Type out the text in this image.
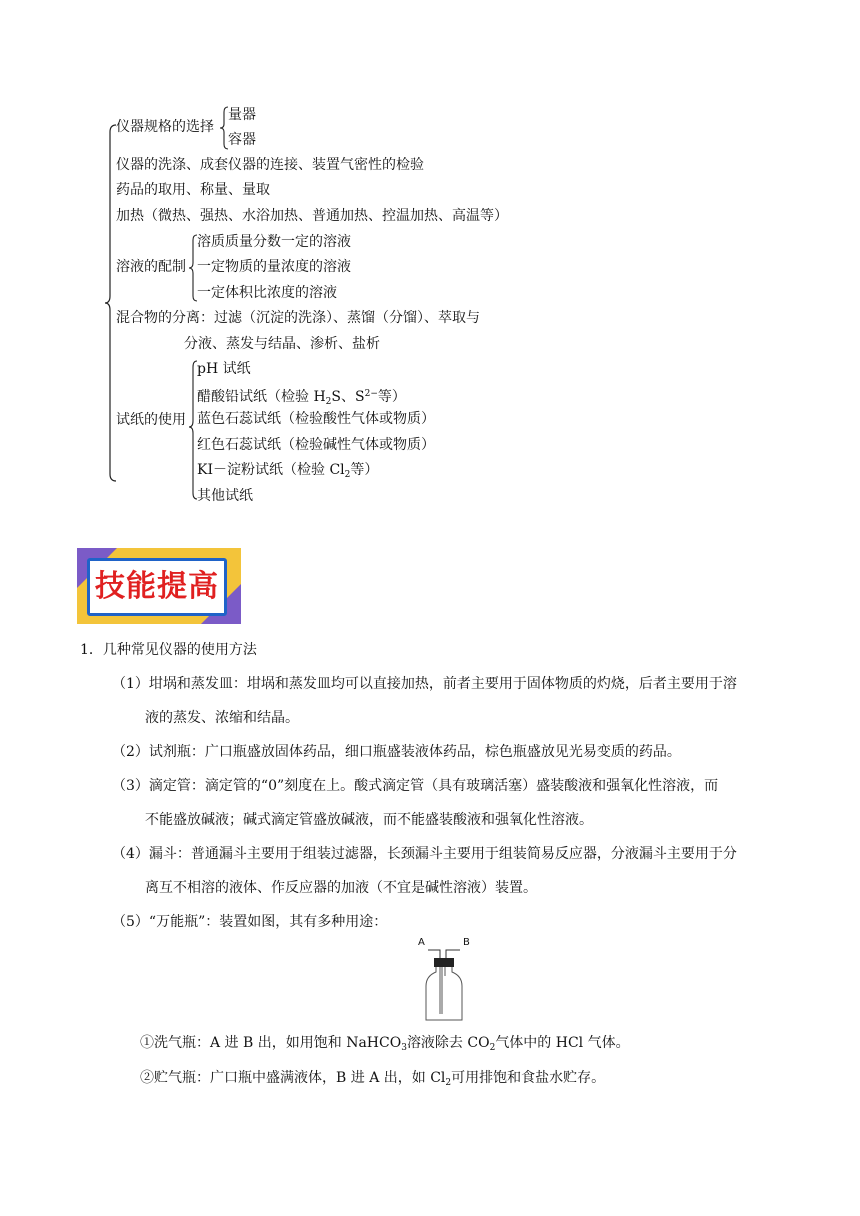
仪器规格的选择
量器
容器
仪器的洗涤、成套仪器的连接、装置气密性的检验
药品的取用、称量、量取
加热（微热、强热、水浴加热、普通加热、控温加热、高温等）
溶液的配制
溶质质量分数一定的溶液
一定物质的量浓度的溶液
一定体积比浓度的溶液
混合物的分离：过滤（沉淀的洗涤）、蒸馏（分馏）、萃取与
分液、蒸发与结晶、渗析、盐析
试纸的使用
pH 试纸
醋酸铅试纸（检验 $H_2S$、$S^{2-}$等）
蓝色石蕊试纸（检验酸性气体或物质）
红色石蕊试纸（检验碱性气体或物质）
KI－淀粉试纸（检验 $Cl_2$等）
其他试纸
技能提高
1．几种常见仪器的使用方法
（1）坩埚和蒸发皿：坩埚和蒸发皿均可以直接加热，前者主要用于固体物质的灼烧，后者主要用于溶
液的蒸发、浓缩和结晶。
（2）试剂瓶：广口瓶盛放固体药品，细口瓶盛装液体药品，棕色瓶盛放见光易变质的药品。
（3）滴定管：滴定管的“0”刻度在上。酸式滴定管（具有玻璃活塞）盛装酸液和强氧化性溶液，而
不能盛放碱液；碱式滴定管盛放碱液，而不能盛装酸液和强氧化性溶液。
（4）漏斗：普通漏斗主要用于组装过滤器，长颈漏斗主要用于组装简易反应器，分液漏斗主要用于分
离互不相溶的液体、作反应器的加液（不宜是碱性溶液）装置。
（5）“万能瓶”：装置如图，其有多种用途：
A	B
①洗气瓶：A 进 B 出，如用饱和 NaHCO$_3$溶液除去 $CO_2$气体中的 HCl 气体。
②贮气瓶：广口瓶中盛满液体，B 进 A 出，如 $Cl_2$可用排饱和食盐水贮存。
